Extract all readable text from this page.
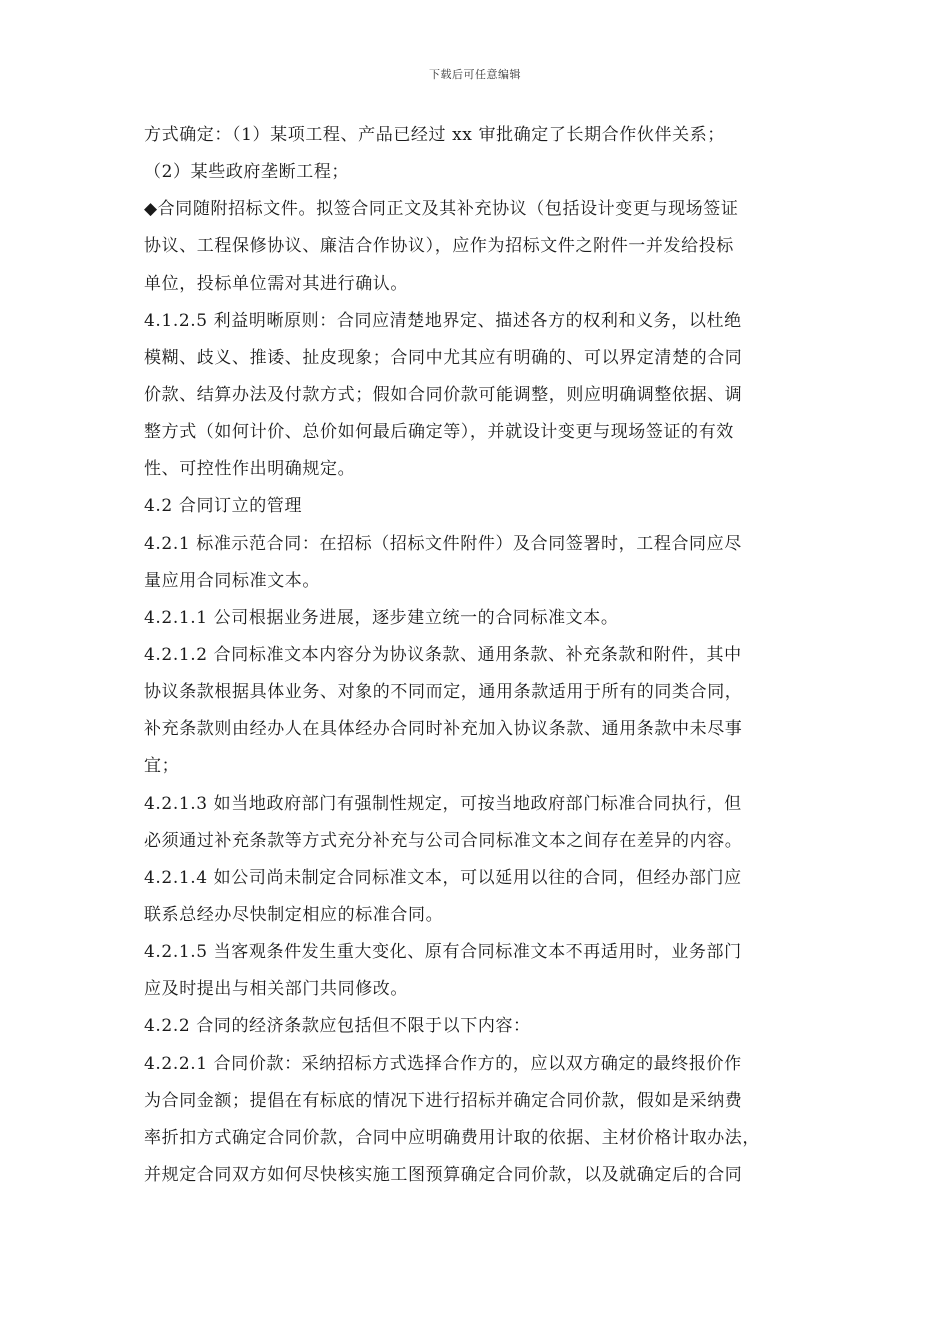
下载后可任意编辑
方式确定：（1）某项工程、产品已经过 xx 审批确定了长期合作伙伴关系；
（2）某些政府垄断工程；
◆合同随附招标文件。拟签合同正文及其补充协议（包括设计变更与现场签证
协议、工程保修协议、廉洁合作协议），应作为招标文件之附件一并发给投标
单位，投标单位需对其进行确认。
4.1.2.5 利益明晰原则：合同应清楚地界定、描述各方的权利和义务，以杜绝
模糊、歧义、推诿、扯皮现象；合同中尤其应有明确的、可以界定清楚的合同
价款、结算办法及付款方式；假如合同价款可能调整，则应明确调整依据、调
整方式（如何计价、总价如何最后确定等），并就设计变更与现场签证的有效
性、可控性作出明确规定。
4.2 合同订立的管理
4.2.1 标准示范合同：在招标（招标文件附件）及合同签署时，工程合同应尽
量应用合同标准文本。
4.2.1.1 公司根据业务进展，逐步建立统一的合同标准文本。
4.2.1.2 合同标准文本内容分为协议条款、通用条款、补充条款和附件，其中
协议条款根据具体业务、对象的不同而定，通用条款适用于所有的同类合同，
补充条款则由经办人在具体经办合同时补充加入协议条款、通用条款中未尽事
宜；
4.2.1.3 如当地政府部门有强制性规定，可按当地政府部门标准合同执行，但
必须通过补充条款等方式充分补充与公司合同标准文本之间存在差异的内容。
4.2.1.4 如公司尚未制定合同标准文本，可以延用以往的合同，但经办部门应
联系总经办尽快制定相应的标准合同。
4.2.1.5 当客观条件发生重大变化、原有合同标准文本不再适用时，业务部门
应及时提出与相关部门共同修改。
4.2.2 合同的经济条款应包括但不限于以下内容：
4.2.2.1 合同价款：采纳招标方式选择合作方的，应以双方确定的最终报价作
为合同金额；提倡在有标底的情况下进行招标并确定合同价款，假如是采纳费
率折扣方式确定合同价款，合同中应明确费用计取的依据、主材价格计取办法，
并规定合同双方如何尽快核实施工图预算确定合同价款，以及就确定后的合同
